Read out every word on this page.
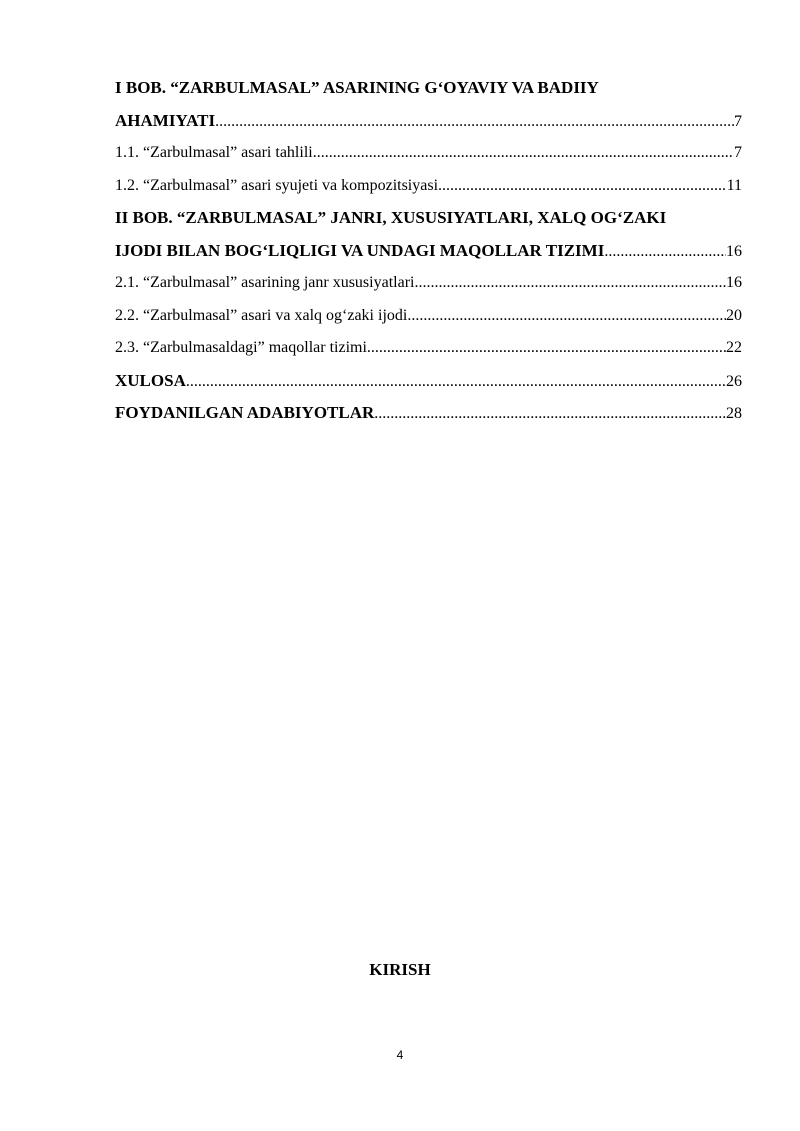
I BOB. “ZARBULMASAL” ASARINING G‘OYAVIY VA BADIIY
AHAMIYATI .....	7
1.1. “Zarbulmasal” asari tahlili .....	7
1.2. “Zarbulmasal” asari syujeti va kompozitsiyasi .....	11
II BOB. “ZARBULMASAL” JANRI, XUSUSIYATLARI, XALQ OG‘ZAKI
IJODI BILAN BOG‘LIQLIGI VA UNDAGI MAQOLLAR TIZIMI .....	16
2.1. “Zarbulmasal” asarining janr xususiyatlari .....	16
2.2. “Zarbulmasal” asari va xalq og‘zaki ijodi .....	20
2.3. “Zarbulmasaldagi” maqollar tizimi .....	22
XULOSA .....	26
FOYDANILGAN ADABIYOTLAR .....	28
KIRISH
4
